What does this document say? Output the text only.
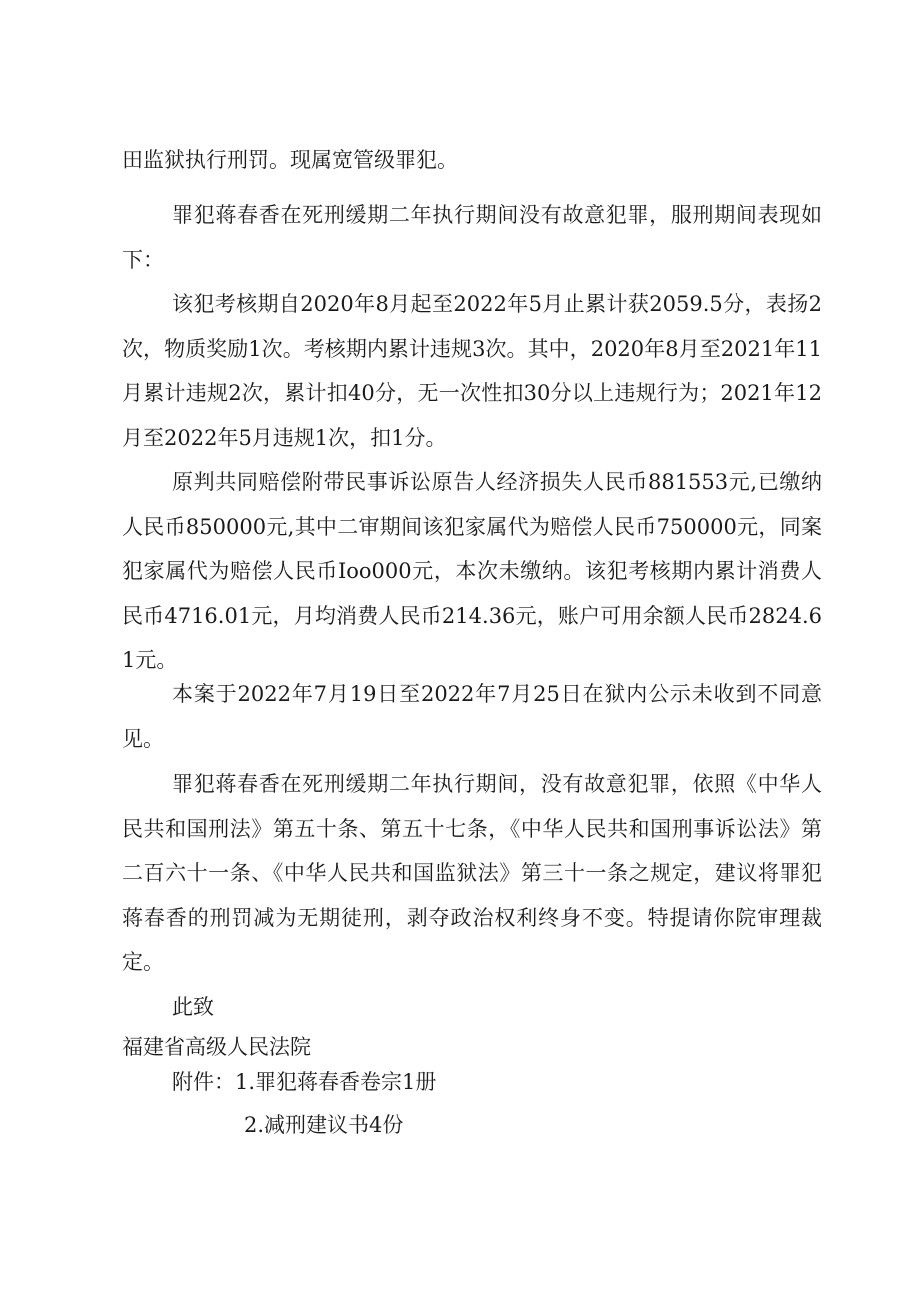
田监狱执行刑罚。现属宽管级罪犯。

罪犯蒋春香在死刑缓期二年执行期间没有故意犯罪，服刑期间表现如下：

该犯考核期自2020年8月起至2022年5月止累计获2059.5分，表扬2次，物质奖励1次。考核期内累计违规3次。其中，2020年8月至2021年11月累计违规2次，累计扣40分，无一次性扣30分以上违规行为；2021年12月至2022年5月违规1次，扣1分。

原判共同赔偿附带民事诉讼原告人经济损失人民币881553元,已缴纳人民币850000元,其中二审期间该犯家属代为赔偿人民币750000元，同案犯家属代为赔偿人民币Ioo000元，本次未缴纳。该犯考核期内累计消费人民币4716.01元，月均消费人民币214.36元，账户可用余额人民币2824.61元。

本案于2022年7月19日至2022年7月25日在狱内公示未收到不同意见。

罪犯蒋春香在死刑缓期二年执行期间，没有故意犯罪，依照《中华人民共和国刑法》第五十条、第五十七条，《中华人民共和国刑事诉讼法》第二百六十一条、《中华人民共和国监狱法》第三十一条之规定，建议将罪犯蒋春香的刑罚减为无期徒刑，剥夺政治权利终身不变。特提请你院审理裁定。

此致

福建省高级人民法院

附件：1.罪犯蒋春香卷宗1册

2.减刑建议书4份
